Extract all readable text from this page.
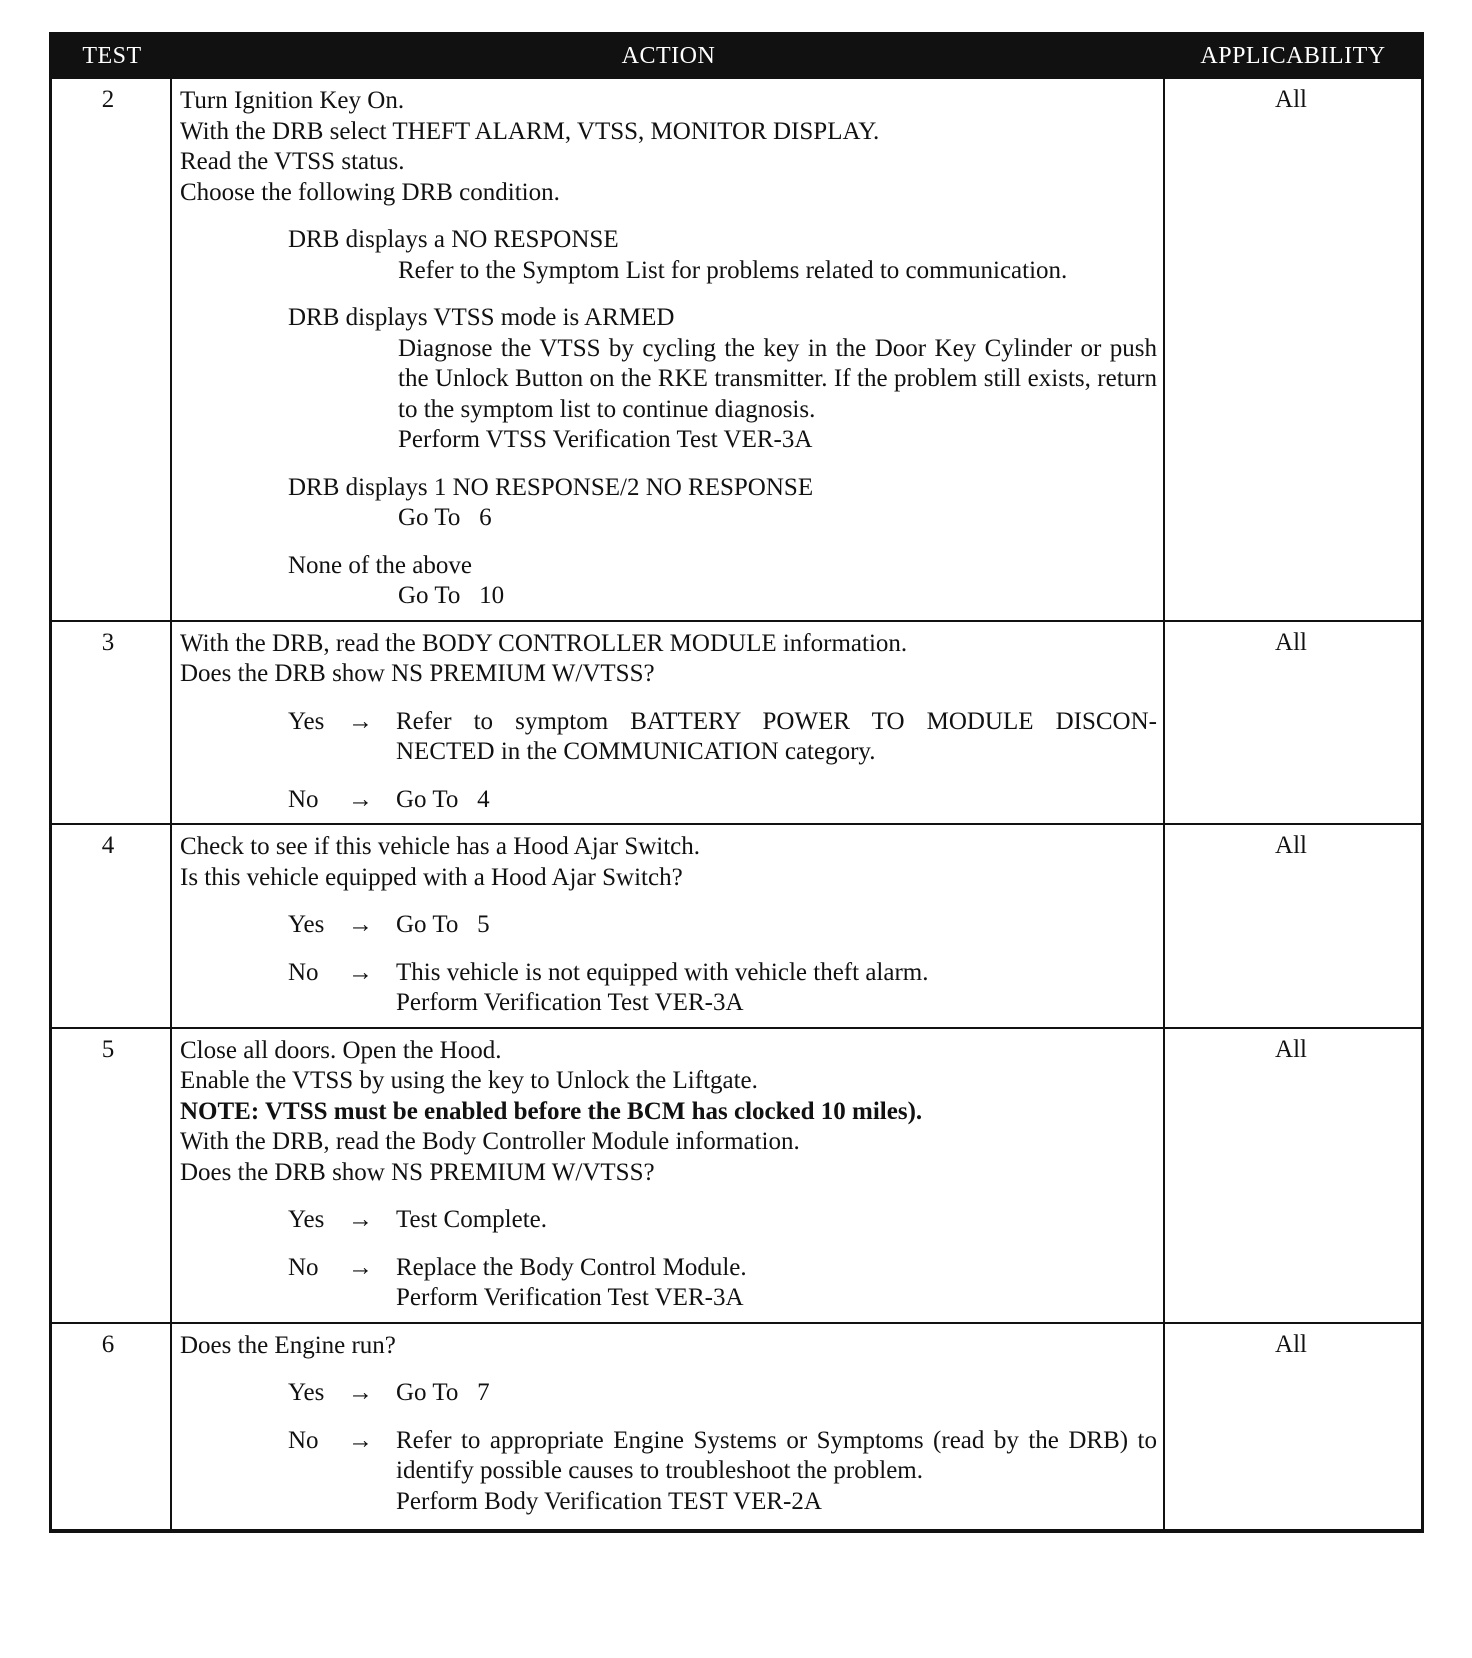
TEST	ACTION	APPLICABILITY
2	Turn Ignition Key On.
With the DRB select THEFT ALARM, VTSS, MONITOR DISPLAY.
Read the VTSS status.
Choose the following DRB condition.
DRB displays a NO RESPONSE
Refer to the Symptom List for problems related to communication.
DRB displays VTSS mode is ARMED
Diagnose the VTSS by cycling the key in the Door Key Cylinder or push the Unlock Button on the RKE transmitter. If the problem still exists, return to the symptom list to continue diagnosis.
Perform VTSS Verification Test VER-3A
DRB displays 1 NO RESPONSE/2 NO RESPONSE
Go To   6
None of the above
Go To   10
All
3	With the DRB, read the BODY CONTROLLER MODULE information.
Does the DRB show NS PREMIUM W/VTSS?
Yes → Refer to symptom BATTERY POWER TO MODULE DISCON-
NECTED in the COMMUNICATION category.
No	→ Go To   4
All
4	Check to see if this vehicle has a Hood Ajar Switch.
Is this vehicle equipped with a Hood Ajar Switch?
Yes → Go To   5
No	→ This vehicle is not equipped with vehicle theft alarm.
Perform Verification Test VER-3A
All
5	Close all doors. Open the Hood.
Enable the VTSS by using the key to Unlock the Liftgate.
NOTE: VTSS must be enabled before the BCM has clocked 10 miles).
With the DRB, read the Body Controller Module information.
Does the DRB show NS PREMIUM W/VTSS?
Yes → Test Complete.
No	→ Replace the Body Control Module.
Perform Verification Test VER-3A
All
6	Does the Engine run?
Yes → Go To   7
No	→ Refer to appropriate Engine Systems or Symptoms (read by the DRB) to identify possible causes to troubleshoot the problem.
Perform Body Verification TEST VER-2A
All
